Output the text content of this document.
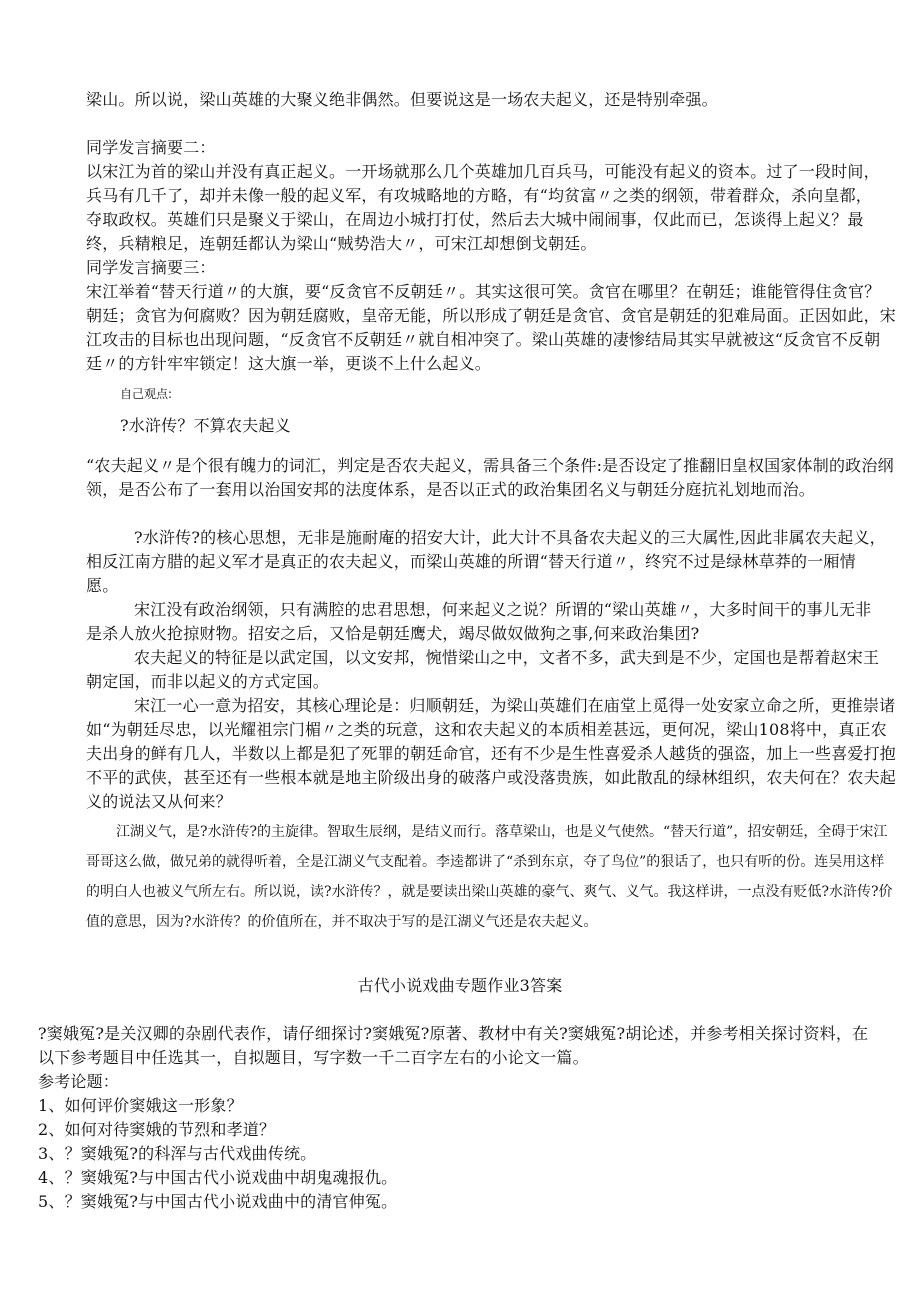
梁山。所以说，梁山英雄的大聚义绝非偶然。但要说这是一场农夫起义，还是特别牵强。

同学发言摘要二：

以宋江为首的梁山并没有真正起义。一开场就那么几个英雄加几百兵马，可能没有起义的资本。过了一段时间，兵马有几千了，却并未像一般的起义军，有攻城略地的方略，有“均贫富〃之类的纲领，带着群众，杀向皇都，夺取政权。英雄们只是聚义于梁山，在周边小城打打仗，然后去大城中闹闹事，仅此而已，怎谈得上起义？最终，兵精粮足，连朝廷都认为梁山“贼势浩大〃，可宋江却想倒戈朝廷。

同学发言摘要三：

宋江举着“替天行道〃的大旗，要“反贪官不反朝廷〃。其实这很可笑。贪官在哪里？在朝廷；谁能管得住贪官？朝廷；贪官为何腐败？因为朝廷腐败，皇帝无能，所以形成了朝廷是贪官、贪官是朝廷的犯难局面。正因如此，宋江攻击的目标也出现问题，“反贪官不反朝廷〃就自相冲突了。梁山英雄的凄惨结局其实早就被这“反贪官不反朝廷〃的方针牢牢锁定！这大旗一举，更谈不上什么起义。

自己观点:

?水浒传？不算农夫起义

“农夫起义〃是个很有魄力的词汇，判定是否农夫起义，需具备三个条件:是否设定了推翻旧皇权国家体制的政治纲领，是否公布了一套用以治国安邦的法度体系，是否以正式的政治集团名义与朝廷分庭抗礼划地而治。

?水浒传?的核心思想，无非是施耐庵的招安大计，此大计不具备农夫起义的三大属性,因此非属农夫起义，相反江南方腊的起义军才是真正的农夫起义，而梁山英雄的所谓“替天行道〃，终究不过是绿林草莽的一厢情愿。

宋江没有政治纲领，只有满腔的忠君思想，何来起义之说？所谓的“梁山英雄〃，大多时间干的事儿无非是杀人放火抢掠财物。招安之后，又恰是朝廷鹰犬，竭尽做奴做狗之事,何来政治集团?

农夫起义的特征是以武定国，以文安邦，惋惜梁山之中，文者不多，武夫到是不少，定国也是帮着赵宋王朝定国，而非以起义的方式定国。

宋江一心一意为招安，其核心理论是：归顺朝廷，为梁山英雄们在庙堂上觅得一处安家立命之所，更推崇诸如“为朝廷尽忠，以光耀祖宗门楣〃之类的玩意，这和农夫起义的本质相差甚远，更何况，梁山108将中，真正农夫出身的鲜有几人，半数以上都是犯了死罪的朝廷命官，还有不少是生性喜爱杀人越货的强盗，加上一些喜爱打抱不平的武侠，甚至还有一些根本就是地主阶级出身的破落户或没落贵族，如此散乱的绿林组织，农夫何在？农夫起义的说法又从何来？

江湖义气，是?水浒传?的主旋律。智取生辰纲，是结义而行。落草梁山，也是义气使然。“替天行道”，招安朝廷，全碍于宋江哥哥这么做，做兄弟的就得听着，全是江湖义气支配着。李逵都讲了“杀到东京，夺了鸟位”的狠话了，也只有听的份。连吴用这样的明白人也被义气所左右。所以说，读?水浒传？，就是要读出梁山英雄的豪气、爽气、义气。我这样讲，一点没有贬低?水浒传?价值的意思，因为?水浒传？的价值所在，并不取决于写的是江湖义气还是农夫起义。

古代小说戏曲专题作业3答案

?窦娥冤?是关汉卿的杂剧代表作，请仔细探讨?窦娥冤?原著、教材中有关?窦娥冤?胡论述，并参考相关探讨资料，在以下参考题目中任选其一，自拟题目，写字数一千二百字左右的小论文一篇。

参考论题：

1、如何评价窦娥这一形象？

2、如何对待窦娥的节烈和孝道？

3、？窦娥冤?的科浑与古代戏曲传统。

4、？窦娥冤?与中国古代小说戏曲中胡鬼魂报仇。

5、？窦娥冤?与中国古代小说戏曲中的清官伸冤。
